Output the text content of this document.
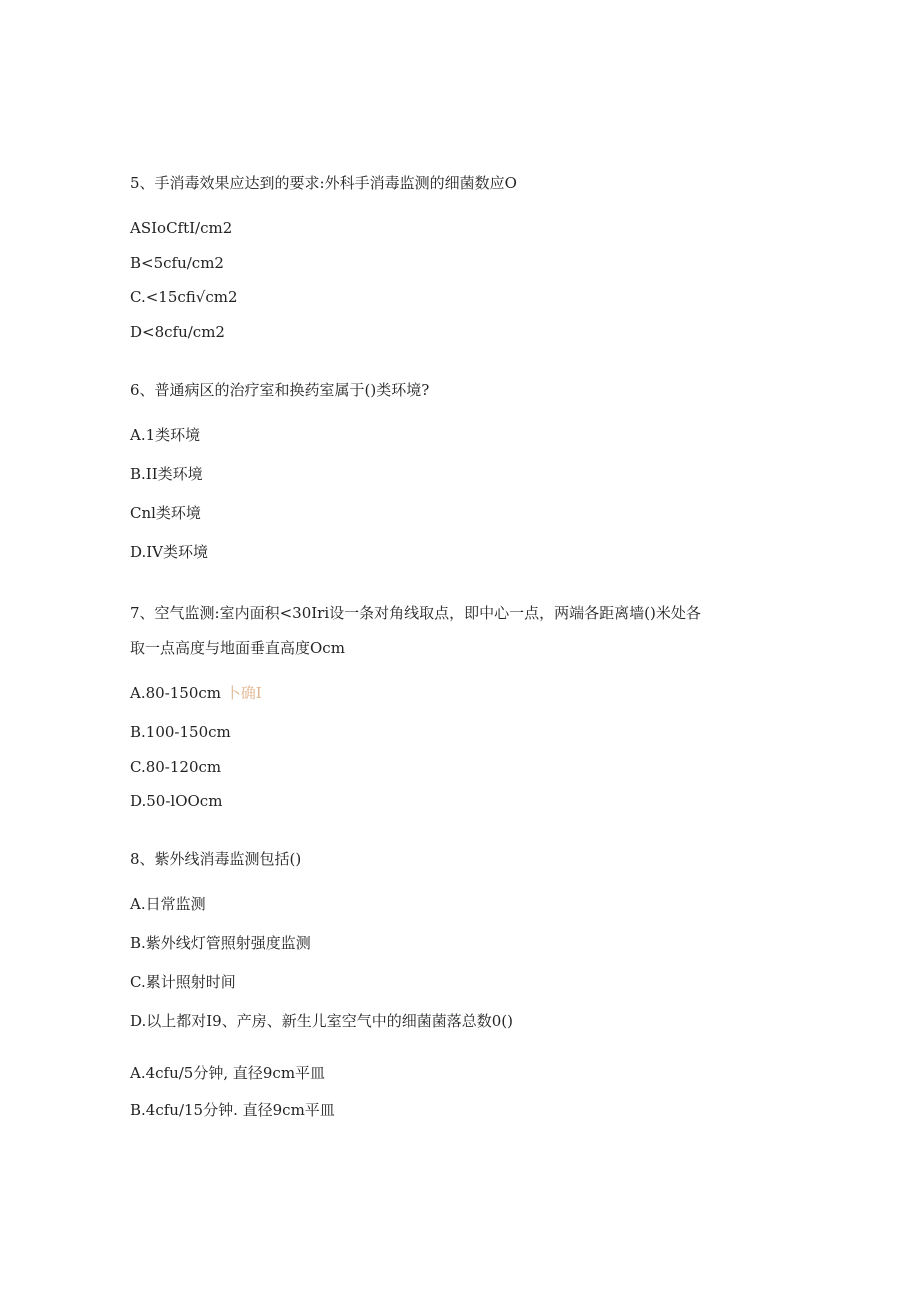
5、手消毒效果应达到的要求:外科手消毒监测的细菌数应O
ASIoCftI/cm2
B<5cfu∕cm2
C.<15cfi√cm2
D<8cfu∕cm2
6、普通病区的治疗室和换药室属于()类环境?
A.1类环境
B.II类环境
Cnl类环境
D.IV类环境
7、空气监测:室内面积<30Iri设一条对角线取点，即中心一点，两端各距离墙()米处各
取一点高度与地面垂直高度Ocm
A.80-150cm 卜确I
B.100-150cm
C.80-120cm
D.50-lOOcm
8、紫外线消毒监测包括()
A.日常监测
B.紫外线灯管照射强度监测
C.累计照射时间
D.以上都对I9、产房、新生儿室空气中的细菌菌落总数0()
A.4cfu∕5分钟, 直径9cm平皿
B.4cfu∕15分钟. 直径9cm平皿
